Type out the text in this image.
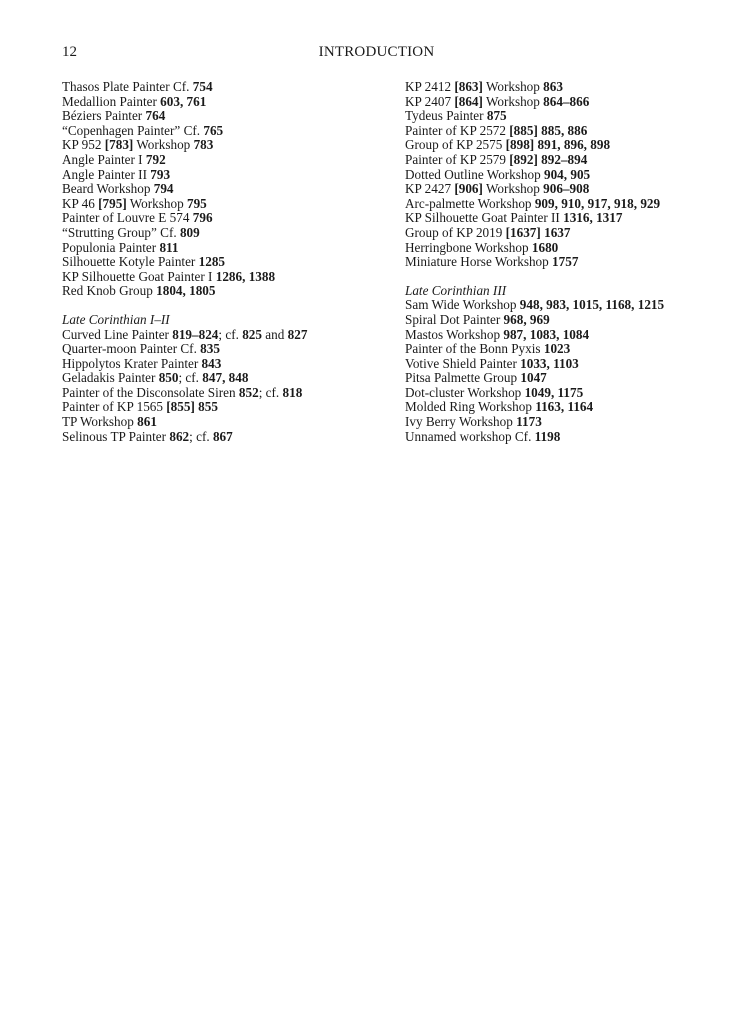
12	INTRODUCTION
Thasos Plate Painter Cf. 754
Medallion Painter 603, 761
Béziers Painter 764
“Copenhagen Painter” Cf. 765
KP 952 [783] Workshop 783
Angle Painter I 792
Angle Painter II 793
Beard Workshop 794
KP 46 [795] Workshop 795
Painter of Louvre E 574 796
“Strutting Group” Cf. 809
Populonia Painter 811
Silhouette Kotyle Painter 1285
KP Silhouette Goat Painter I 1286, 1388
Red Knob Group 1804, 1805
Late Corinthian I–II
Curved Line Painter 819–824; cf. 825 and 827
Quarter-moon Painter Cf. 835
Hippolytos Krater Painter 843
Geladakis Painter 850; cf. 847, 848
Painter of the Disconsolate Siren 852; cf. 818
Painter of KP 1565 [855] 855
TP Workshop 861
Selinous TP Painter 862; cf. 867
KP 2412 [863] Workshop 863
KP 2407 [864] Workshop 864–866
Tydeus Painter 875
Painter of KP 2572 [885] 885, 886
Group of KP 2575 [898] 891, 896, 898
Painter of KP 2579 [892] 892–894
Dotted Outline Workshop 904, 905
KP 2427 [906] Workshop 906–908
Arc-palmette Workshop 909, 910, 917, 918, 929
KP Silhouette Goat Painter II 1316, 1317
Group of KP 2019 [1637] 1637
Herringbone Workshop 1680
Miniature Horse Workshop 1757
Late Corinthian III
Sam Wide Workshop 948, 983, 1015, 1168, 1215
Spiral Dot Painter 968, 969
Mastos Workshop 987, 1083, 1084
Painter of the Bonn Pyxis 1023
Votive Shield Painter 1033, 1103
Pitsa Palmette Group 1047
Dot-cluster Workshop 1049, 1175
Molded Ring Workshop 1163, 1164
Ivy Berry Workshop 1173
Unnamed workshop Cf. 1198
